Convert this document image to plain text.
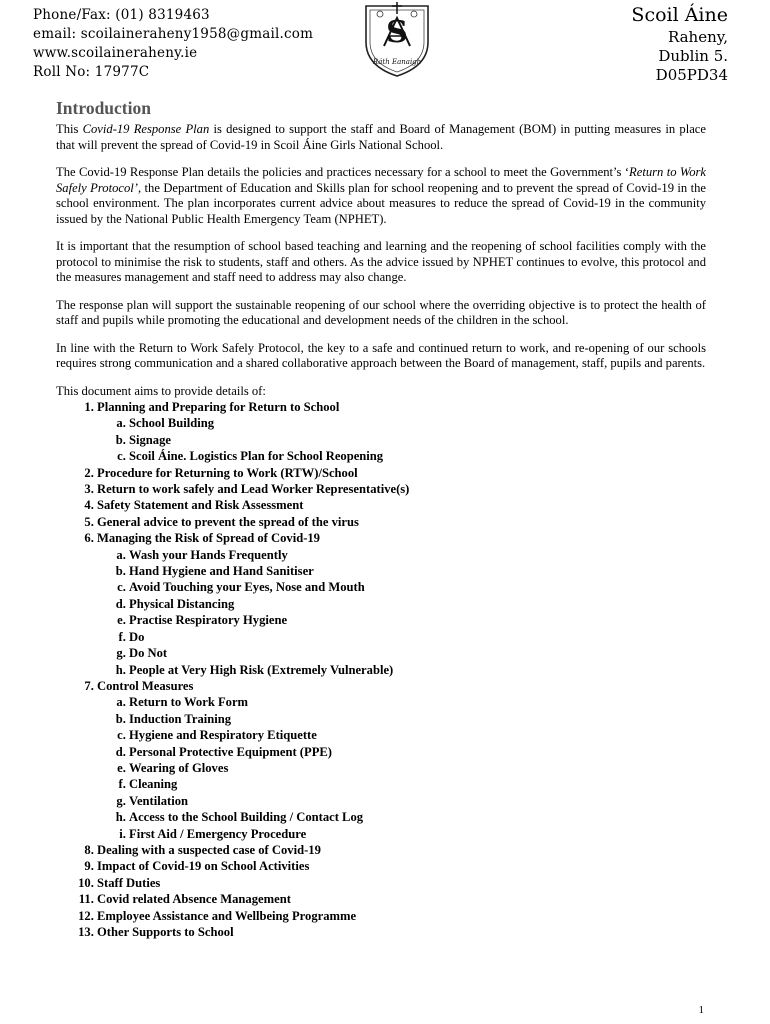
Phone/Fax: (01) 8319463
email: scoilaineraheny1958@gmail.com
www.scoilaineraheny.ie
Roll No: 17977C
S
Ráth Eanaigh
Scoil Áine
Raheny,
Dublin 5.
D05PD34
Introduction

This Covid-19 Response Plan is designed to support the staff and Board of Management (BOM) in putting measures in place that will prevent the spread of Covid-19 in Scoil Áine Girls National School.

The Covid-19 Response Plan details the policies and practices necessary for a school to meet the Government’s ‘Return to Work Safely Protocol’, the Department of Education and Skills plan for school reopening and to prevent the spread of Covid-19 in the school environment. The plan incorporates current advice about measures to reduce the spread of Covid-19 in the community issued by the National Public Health Emergency Team (NPHET).

It is important that the resumption of school based teaching and learning and the reopening of school facilities comply with the protocol to minimise the risk to students, staff and others. As the advice issued by NPHET continues to evolve, this protocol and the measures management and staff need to address may also change.

The response plan will support the sustainable reopening of our school where the overriding objective is to protect the health of staff and pupils while promoting the educational and development needs of the children in the school.

In line with the Return to Work Safely Protocol, the key to a safe and continued return to work, and re-opening of our schools requires strong communication and a shared collaborative approach between the Board of management, staff, pupils and parents.

This document aims to provide details of:
1. Planning and Preparing for Return to School
a. School Building
b. Signage
c. Scoil Áine. Logistics Plan for School Reopening
2. Procedure for Returning to Work (RTW)/School
3. Return to work safely and Lead Worker Representative(s)
4. Safety Statement and Risk Assessment
5. General advice to prevent the spread of the virus
6. Managing the Risk of Spread of Covid-19
a. Wash your Hands Frequently
b. Hand Hygiene and Hand Sanitiser
c. Avoid Touching your Eyes, Nose and Mouth
d. Physical Distancing
e. Practise Respiratory Hygiene
f. Do
g. Do Not
h. People at Very High Risk (Extremely Vulnerable)
7. Control Measures
a. Return to Work Form
b. Induction Training
c. Hygiene and Respiratory Etiquette
d. Personal Protective Equipment (PPE)
e. Wearing of Gloves
f. Cleaning
g. Ventilation
h. Access to the School Building / Contact Log
i. First Aid / Emergency Procedure
8. Dealing with a suspected case of Covid-19
9. Impact of Covid-19 on School Activities
10. Staff Duties
11. Covid related Absence Management
12. Employee Assistance and Wellbeing Programme
13. Other Supports to School
1
